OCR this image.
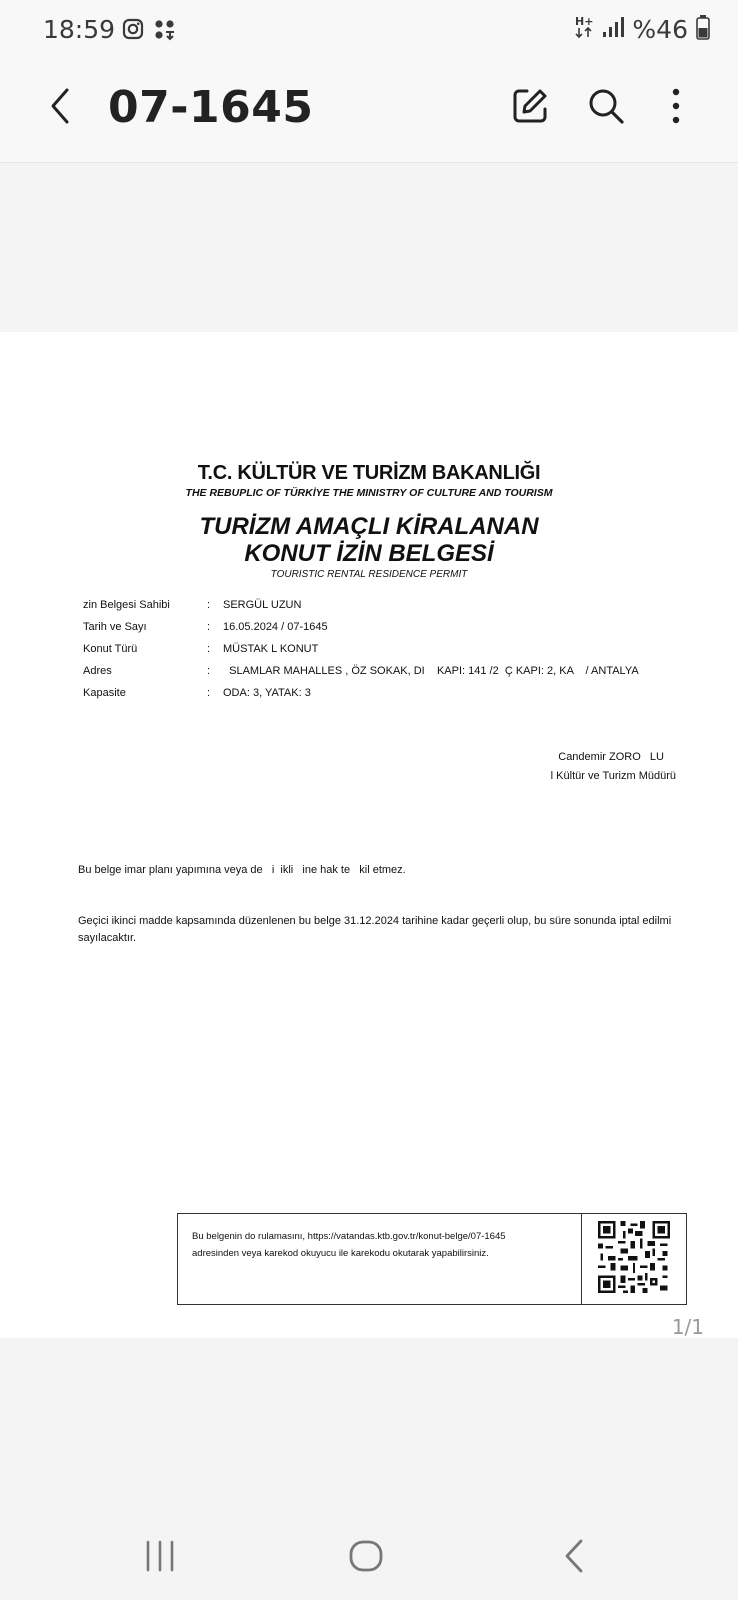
18:59	H+ %46
07-1645
T.C. KÜLTÜR VE TURİZM BAKANLIĞI
THE REBUPLIC OF TÜRKİYE THE MINISTRY OF CULTURE AND TOURISM
TURİZM AMAÇLI KİRALANAN
KONUT İZİN BELGESİ
TOURISTIC RENTAL RESIDENCE PERMIT
zin Belgesi Sahibi	:	SERGÜL UZUN
Tarih ve Sayı	:	16.05.2024 / 07-1645
Konut Türü	:	MÜSTAK L KONUT
Adres	:	SLAMLAR MAHALLES , ÖZ SOKAK, DI    KAPI: 141 /2  Ç KAPI: 2, KA    / ANTALYA
Kapasite	:	ODA: 3, YATAK: 3
Candemir ZORO   LU
l Kültür ve Turizm Müdürü

Bu belge imar planı yapımına veya de   i  ikli   ine hak te   kil etmez.

Geçici ikinci madde kapsamında düzenlenen bu belge 31.12.2024 tarihine kadar geçerli olup, bu süre sonunda iptal edilmi   sayılacaktır.

Bu belgenin do rulamasını, https://vatandas.ktb.gov.tr/konut-belge/07-1645
adresinden veya karekod okuyucu ile karekodu okutarak yapabilirsiniz.
1/1
